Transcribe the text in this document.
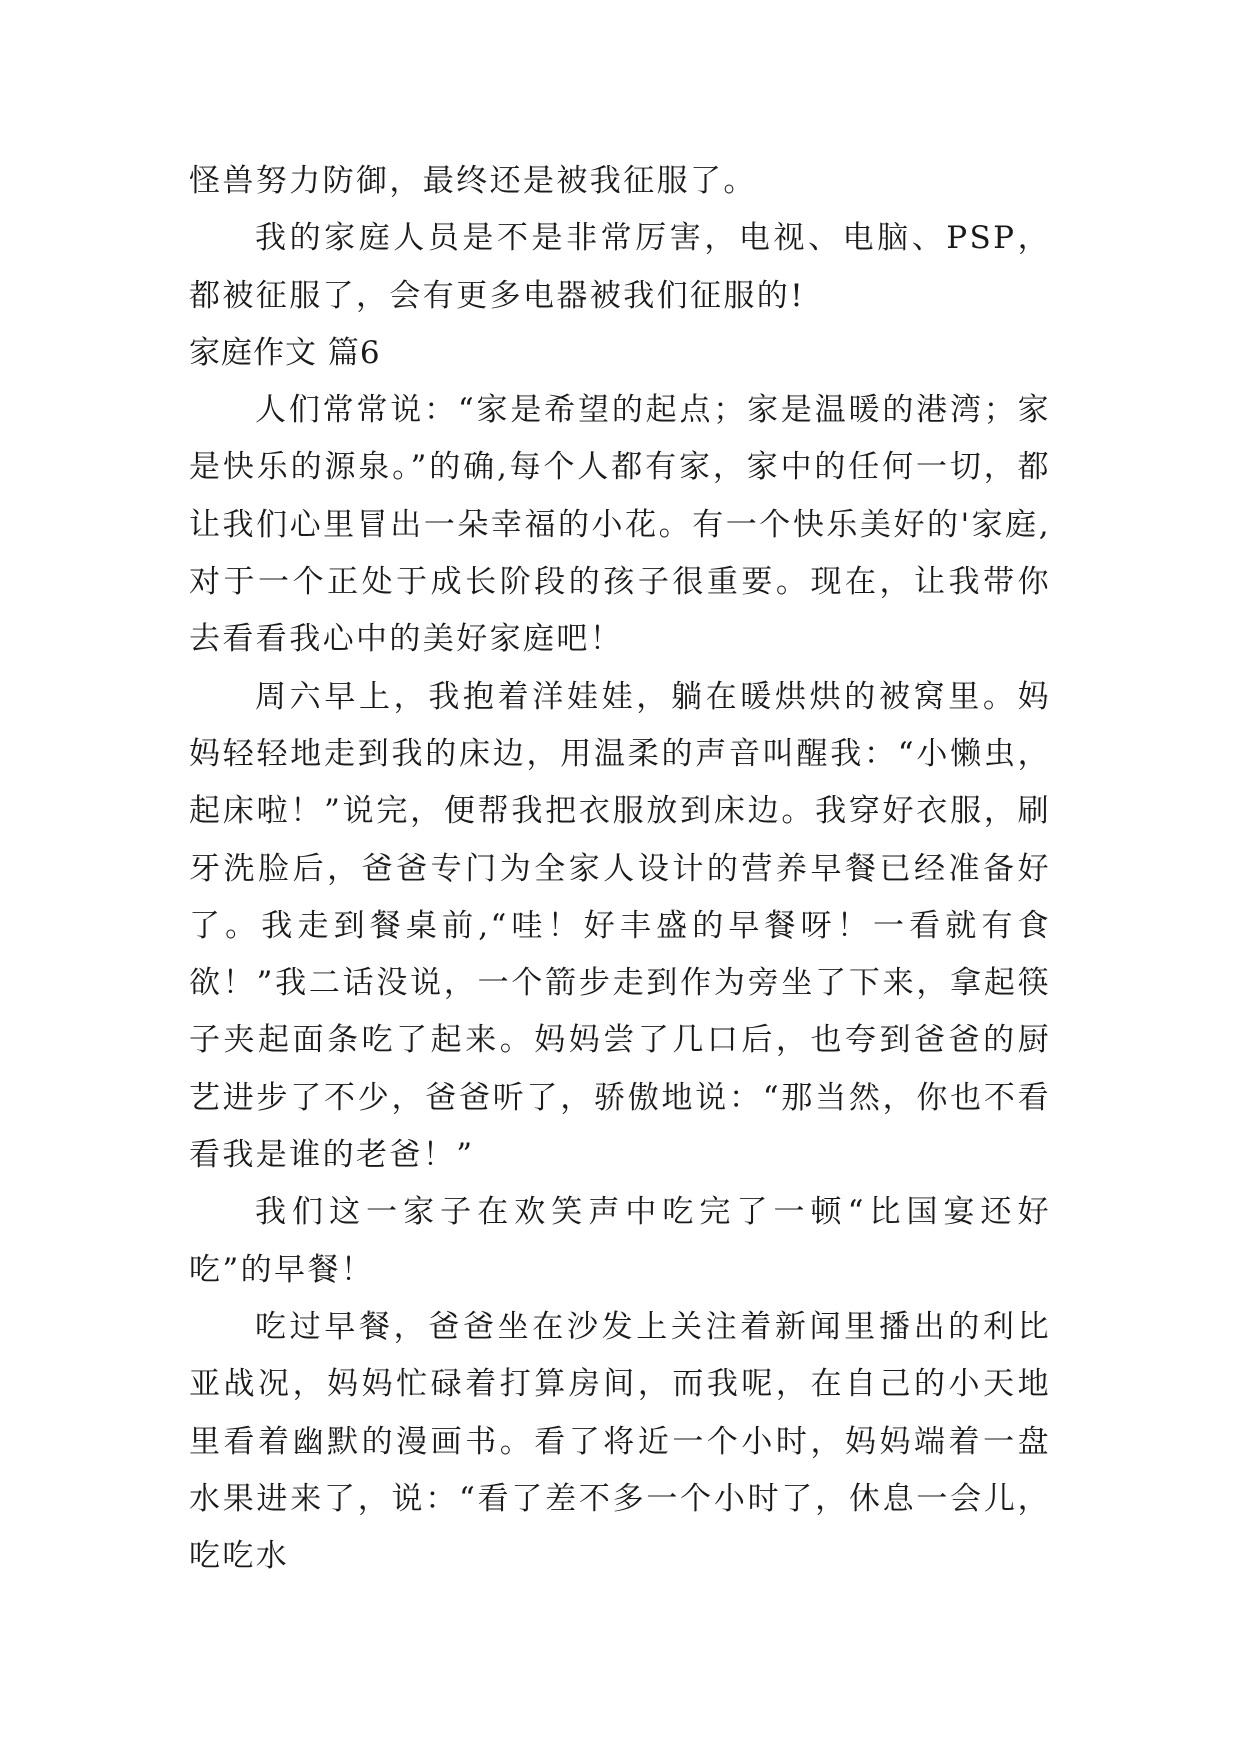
怪兽努力防御，最终还是被我征服了。

我的家庭人员是不是非常厉害，电视、电脑、PSP，都被征服了，会有更多电器被我们征服的!

家庭作文 篇6

人们常常说：“家是希望的起点；家是温暖的港湾；家是快乐的源泉。”的确,每个人都有家，家中的任何一切，都让我们心里冒出一朵幸福的小花。有一个快乐美好的'家庭,对于一个正处于成长阶段的孩子很重要。现在，让我带你去看看我心中的美好家庭吧！

周六早上，我抱着洋娃娃，躺在暖烘烘的被窝里。妈妈轻轻地走到我的床边，用温柔的声音叫醒我：“小懒虫，起床啦！”说完，便帮我把衣服放到床边。我穿好衣服，刷牙洗脸后，爸爸专门为全家人设计的营养早餐已经准备好了。我走到餐桌前,“哇！好丰盛的早餐呀！一看就有食欲！”我二话没说，一个箭步走到作为旁坐了下来，拿起筷子夹起面条吃了起来。妈妈尝了几口后，也夸到爸爸的厨艺进步了不少，爸爸听了，骄傲地说：“那当然，你也不看看我是谁的老爸！”

我们这一家子在欢笑声中吃完了一顿“比国宴还好吃”的早餐！

吃过早餐，爸爸坐在沙发上关注着新闻里播出的利比亚战况，妈妈忙碌着打算房间，而我呢，在自己的小天地里看着幽默的漫画书。看了将近一个小时，妈妈端着一盘水果进来了，说：“看了差不多一个小时了，休息一会儿，吃吃水
